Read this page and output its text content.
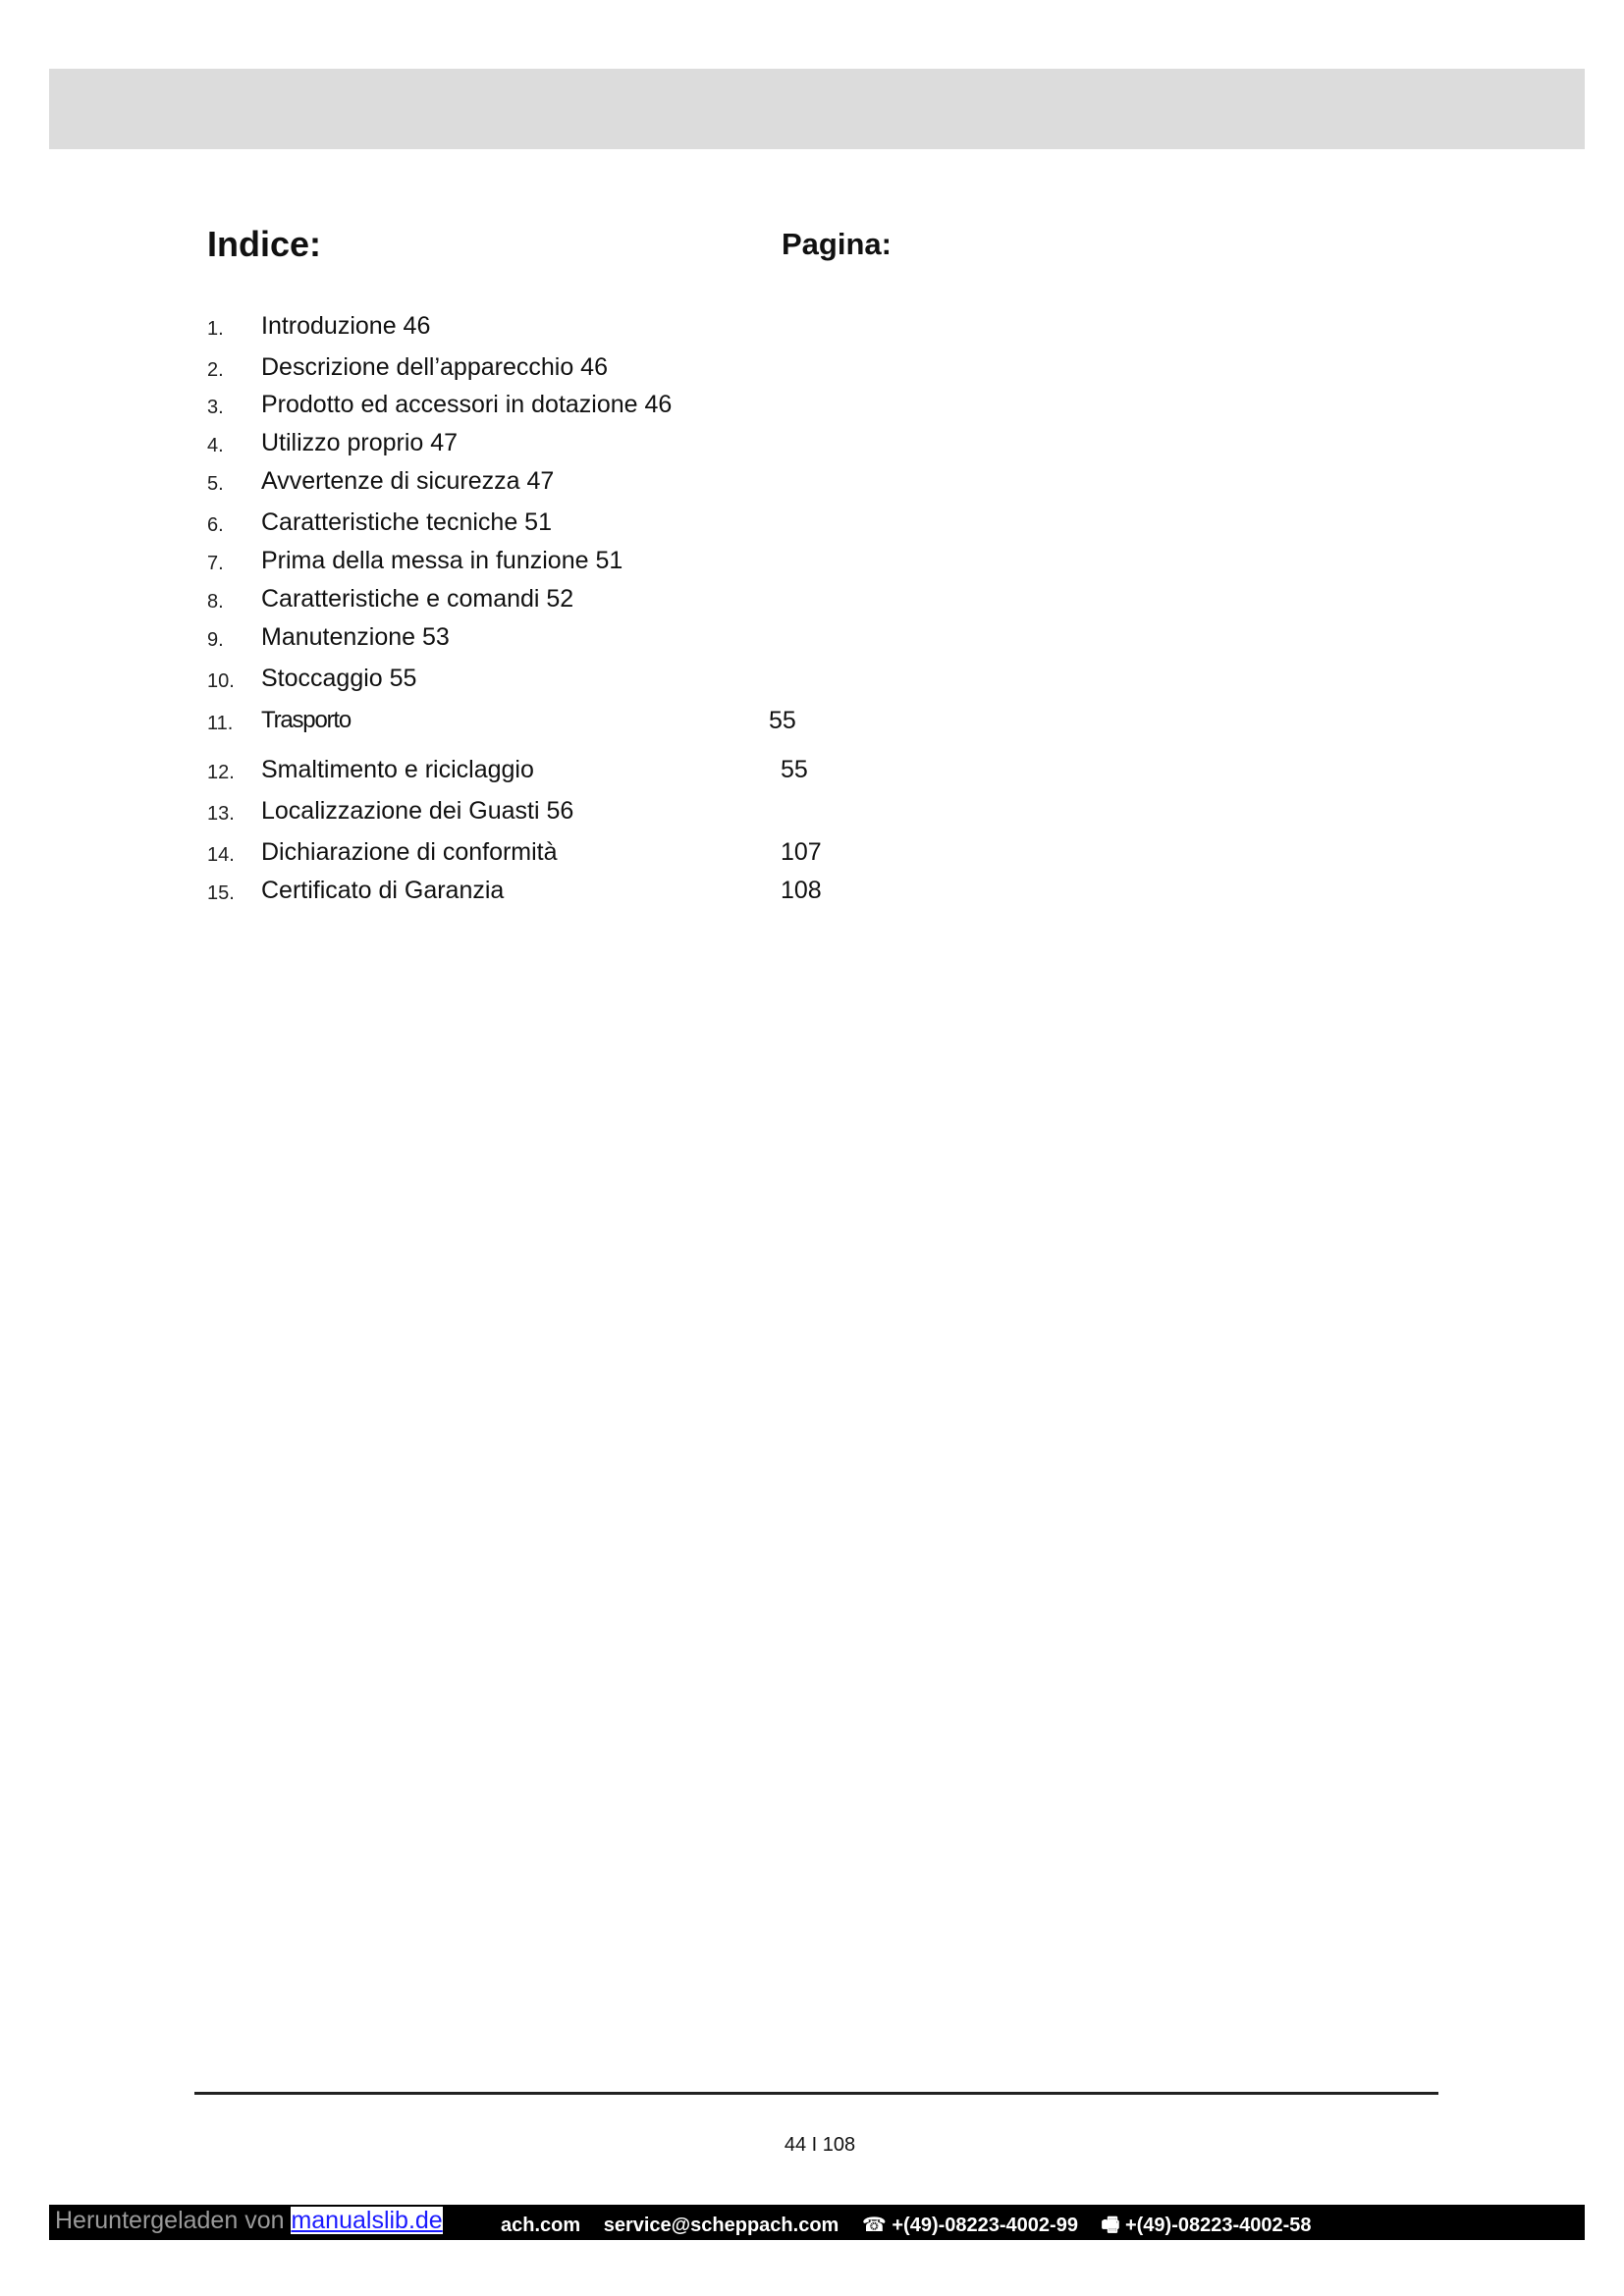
Indice:	Pagina:
1. Introduzione 46
2. Descrizione dell’apparecchio 46
3. Prodotto ed accessori in dotazione 46
4. Utilizzo proprio 47
5. Avvertenze di sicurezza 47
6. Caratteristiche tecniche 51
7. Prima della messa in funzione 51
8. Caratteristiche e comandi 52
9. Manutenzione 53
10. Stoccaggio 55
11. Trasporto	55
12. Smaltimento e riciclaggio	55
13. Localizzazione dei Guasti 56
14. Dichiarazione di conformità	107
15. Certificato di Garanzia	108
44 I 108
Heruntergeladen von manualslib.de	ach.com service@scheppach.com ☎ +(49)-08223-4002-99 🖷 +(49)-08223-4002-58
